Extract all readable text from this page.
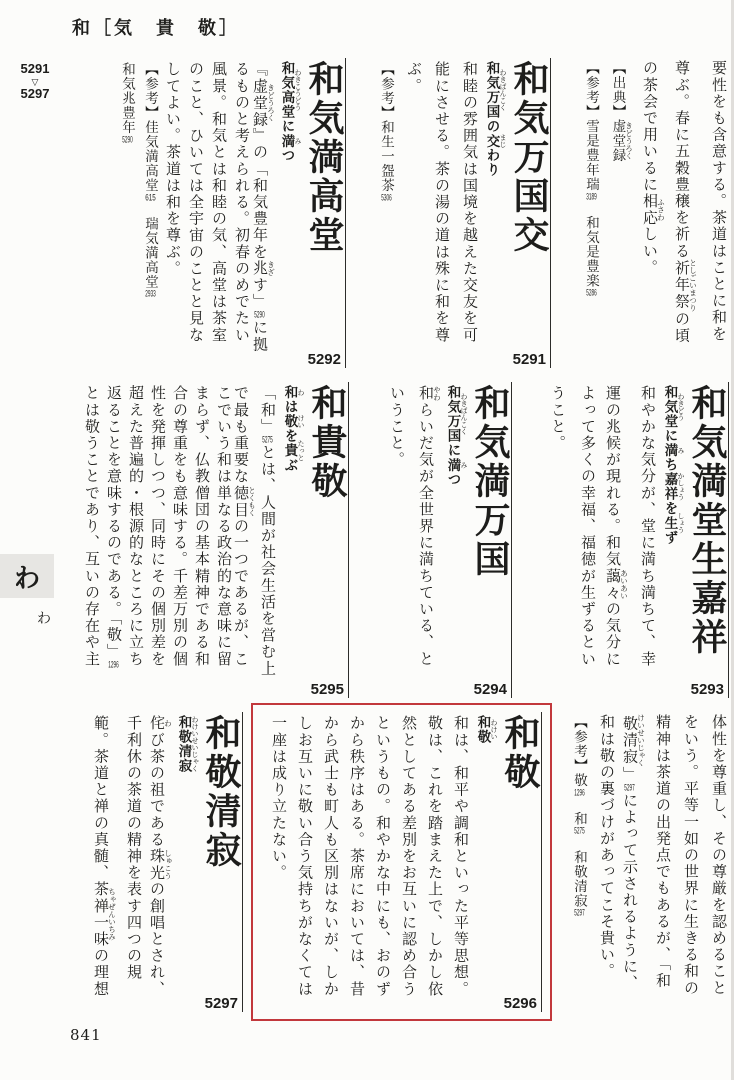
和［気　貴　敬］
5291
▽
5297
わ
わ
要性をも含意する。茶道はことに和を
尊ぶ。春に五穀豊穣を祈る祈年祭 としごいまつりの頃
の茶会で用いるに相応 ふさわしい。
【出典】虚堂録 きどうろく
【参考】雪是豊年瑞3189　和気是豊楽5286
和気万国交
5291
和気万国 わきばんこくの交 まじわり
和睦の雰囲気は国境を越えた交友を可
能にさせる。茶の湯の道は殊に和を尊
ぶ。
【参考】和生一盌茶5306
和気満高堂
5292
和気高堂 わきこうどうに満 みつ
『虚堂録 きどうろく』の「和気豊年を兆 きざす」5290に拠
るものと考えられる。初春のめでたい
風景。和気とは和睦の気、高堂は茶室
のこと、ひいては全宇宙のことと見な
してよい。茶道は和を尊ぶ。
【参考】佳気満高堂615　瑞気満高堂2933
和気兆豊年5290
和気満堂生嘉祥
5293
和気堂 わきどうに満 みち嘉祥 かしょうを生 しょうず
和やかな気分が、堂に満ち満ちて、幸
運の兆候が現れる。和気藹々 あいあいの気分に
よって多くの幸福、福徳が生ずるとい
うこと。
和気満万国
5294
和気万国 わきばんこくに満 みつ
和 やわらいだ気が全世界に満ちている、と
いうこと。
和貴敬
5295
和 わは敬 けいを貴 たっとぶ
「和」5275とは、人間が社会生活を営む上
で最も重要な徳目 とくもくの一つであるが、こ
こでいう和は単なる政治的な意味に留
まらず、仏教僧団の基本精神である和
合の尊重をも意味する。千差万別の個
性を発揮しつつ、同時にその個別差を
超えた普遍的・根源的なところに立ち
返ることを意味するのである。「敬」1296
とは敬うことであり、互いの存在や主
体性を尊重し、その尊厳を認めること
をいう。平等一如の世界に生きる和の
精神は茶道の出発点でもあるが、「和
敬清寂 けいせいじゃく」5297によって示されるように、
和は敬の裏づけがあってこそ貴い。
【参考】敬1296　和5275　和敬清寂5297
和敬
5296
和敬 わけい
和は、和平や調和といった平等思想。
敬は、これを踏まえた上で、しかし依
然としてある差別をお互いに認め合う
というもの。和やかな中にも、おのず
から秩序はある。茶席においては、昔
から武士も町人も区別はないが、しか
しお互いに敬い合う気持ちがなくては
一座は成り立たない。
和敬清寂
5297
和敬清寂 わけいせいじゃく
侘 わび茶の祖である珠光 しゅこうの創唱とされ、
千利休の茶道の精神を表す四つの規
範。茶道と禅の真髄、茶禅一味 ちゃぜんいちみの理想
841
